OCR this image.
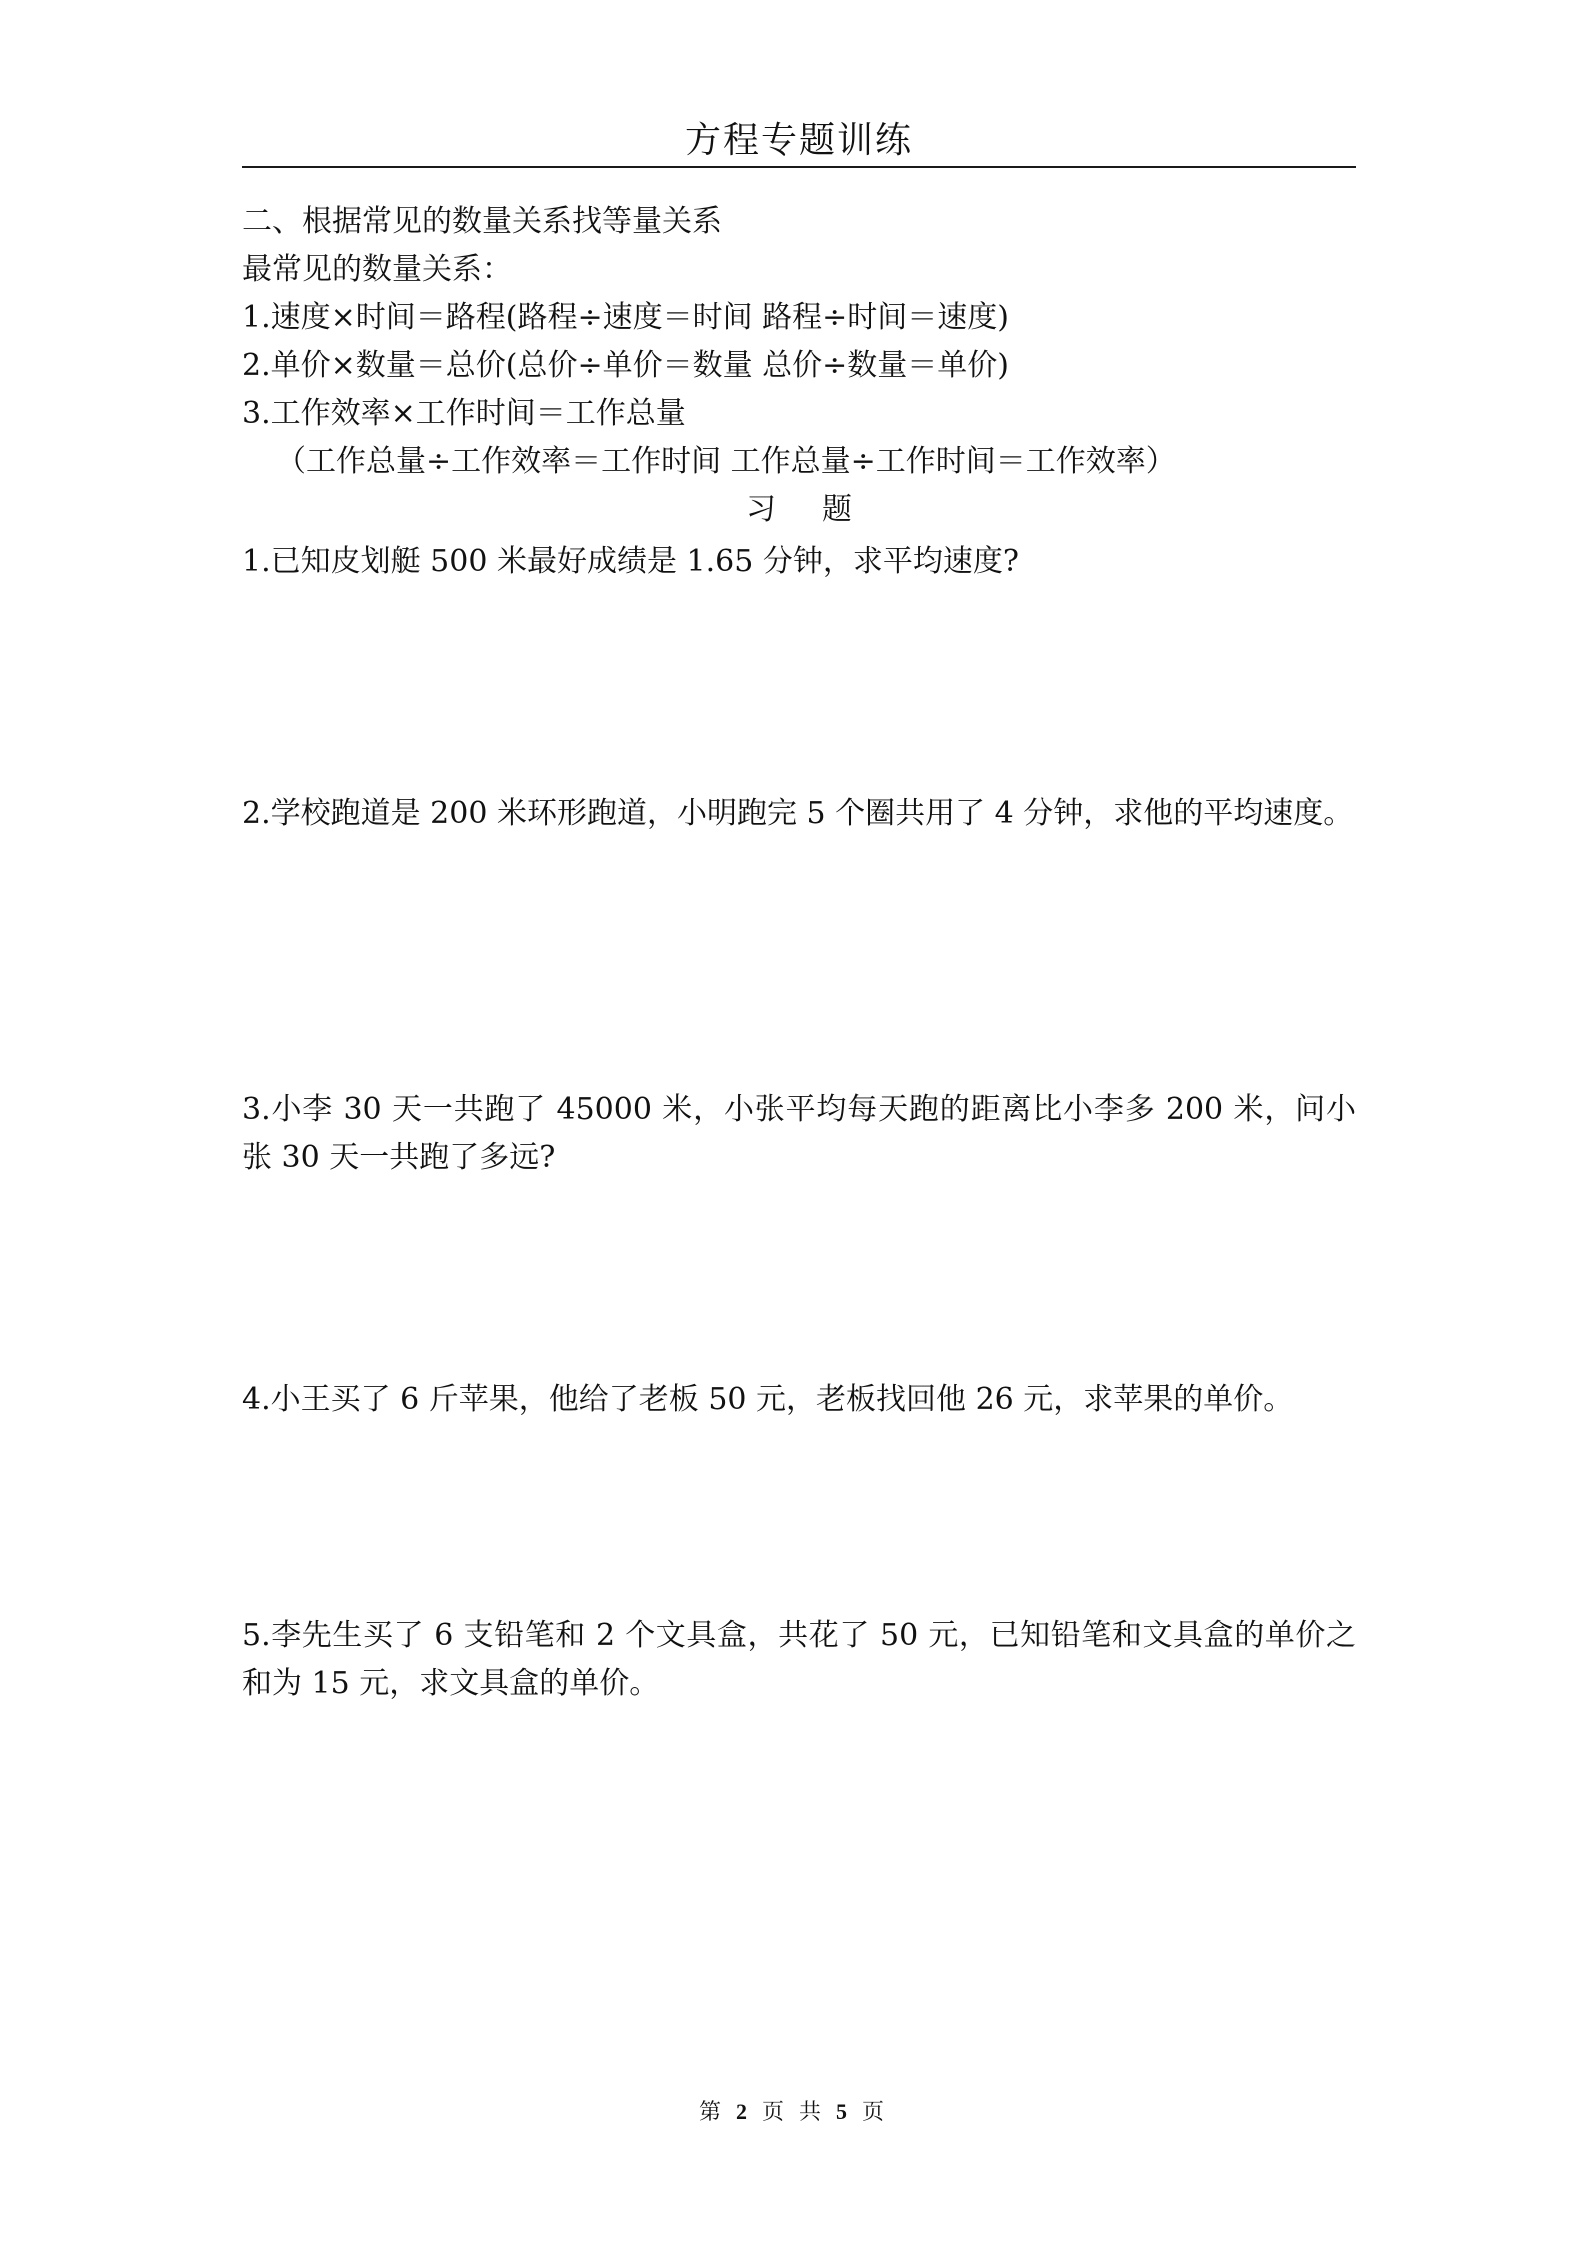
方程专题训练
二、根据常见的数量关系找等量关系
最常见的数量关系：
1.速度×时间＝路程(路程÷速度＝时间 路程÷时间＝速度)
2.单价×数量＝总价(总价÷单价＝数量 总价÷数量＝单价)
3.工作效率×工作时间＝工作总量
（工作总量÷工作效率＝工作时间 工作总量÷工作时间＝工作效率）
习题
1.已知皮划艇 500 米最好成绩是 1.65 分钟，求平均速度?
2.学校跑道是 200 米环形跑道，小明跑完 5 个圈共用了 4 分钟，求他的平均速度。
3.小李 30 天一共跑了 45000 米，小张平均每天跑的距离比小李多 200 米，问小张 30 天一共跑了多远?
4.小王买了 6 斤苹果，他给了老板 50 元，老板找回他 26 元，求苹果的单价。
5.李先生买了 6 支铅笔和 2 个文具盒，共花了 50 元，已知铅笔和文具盒的单价之和为 15 元，求文具盒的单价。
第 2 页 共 5 页
